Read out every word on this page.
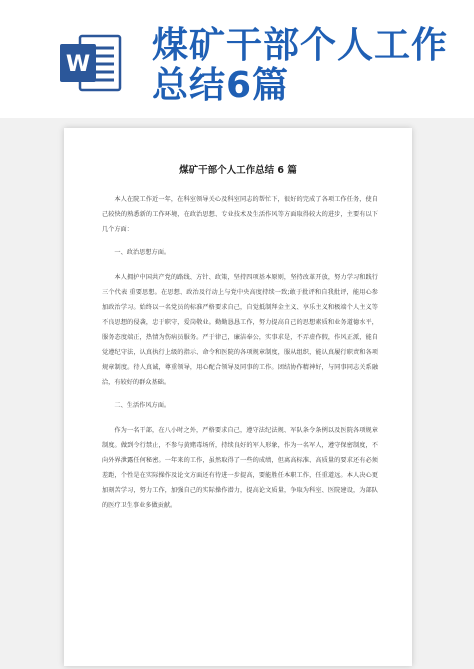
W 煤矿干部个人工作
总结6篇
煤矿干部个人工作总结 6 篇

本人在院工作近一年，在科室领导关心及科室同志的帮忙下，很好的完成了各项工作任务，使自己较快的熟悉新的工作环境，在政治思想、专业技术及生活作风等方面取得较大的进步，主要有以下几个方面：

一、政治思想方面。

本人拥护中国共产党的路线、方针、政策，坚持四项基本原则，坚持改革开放，努力学习和践行 三个代表 重要思想。在思想、政治及行动上与党中央高度持续一致;敢于批评和自我批评，能用心参加政治学习。始终以一名党员的标准严格要求自己，自觉抵制拜金主义、享乐主义和极端个人主义等不良思想的侵袭，忠于职守，爱岗敬业。勤勤恳恳工作，努力提高自己的思想素质和业务道德水平，服务态度端正，热情为伤病员服务。严于律己，廉洁奉公，实事求是，不弄虚作假，作风正派，能自觉遵纪守法，认真执行上级的指示、命令和医院的各项规章制度，服从组织，能认真履行职责和各项规章制度。待人真诚，尊重领导，用心配合领导及同事的工作。团结协作精神好，与同事同志关系融洽，有较好的群众基础。

二、生活作风方面。

作为一名干部，在八小时之外，严格要求自己，遵守法纪法规、军队条令条例以及医院各项规章制度。做到令行禁止，不参与黄赌毒场所，持续良好的军人形象，作为一名军人，遵守保密制度，不向外界泄露任何秘密。一年来的工作，虽然取得了一些的成绩，但离高标准、高质量的要求还有必须差距，个性是在实际操作及论文方面还有待进一步提高，要能胜任本职工作，任重道远。本人决心更加刻苦学习，努力工作，加强自己的实际操作潜力，提高论文质量，争取为科室、医院建设，为部队的医疗卫生事业多做贡献。
